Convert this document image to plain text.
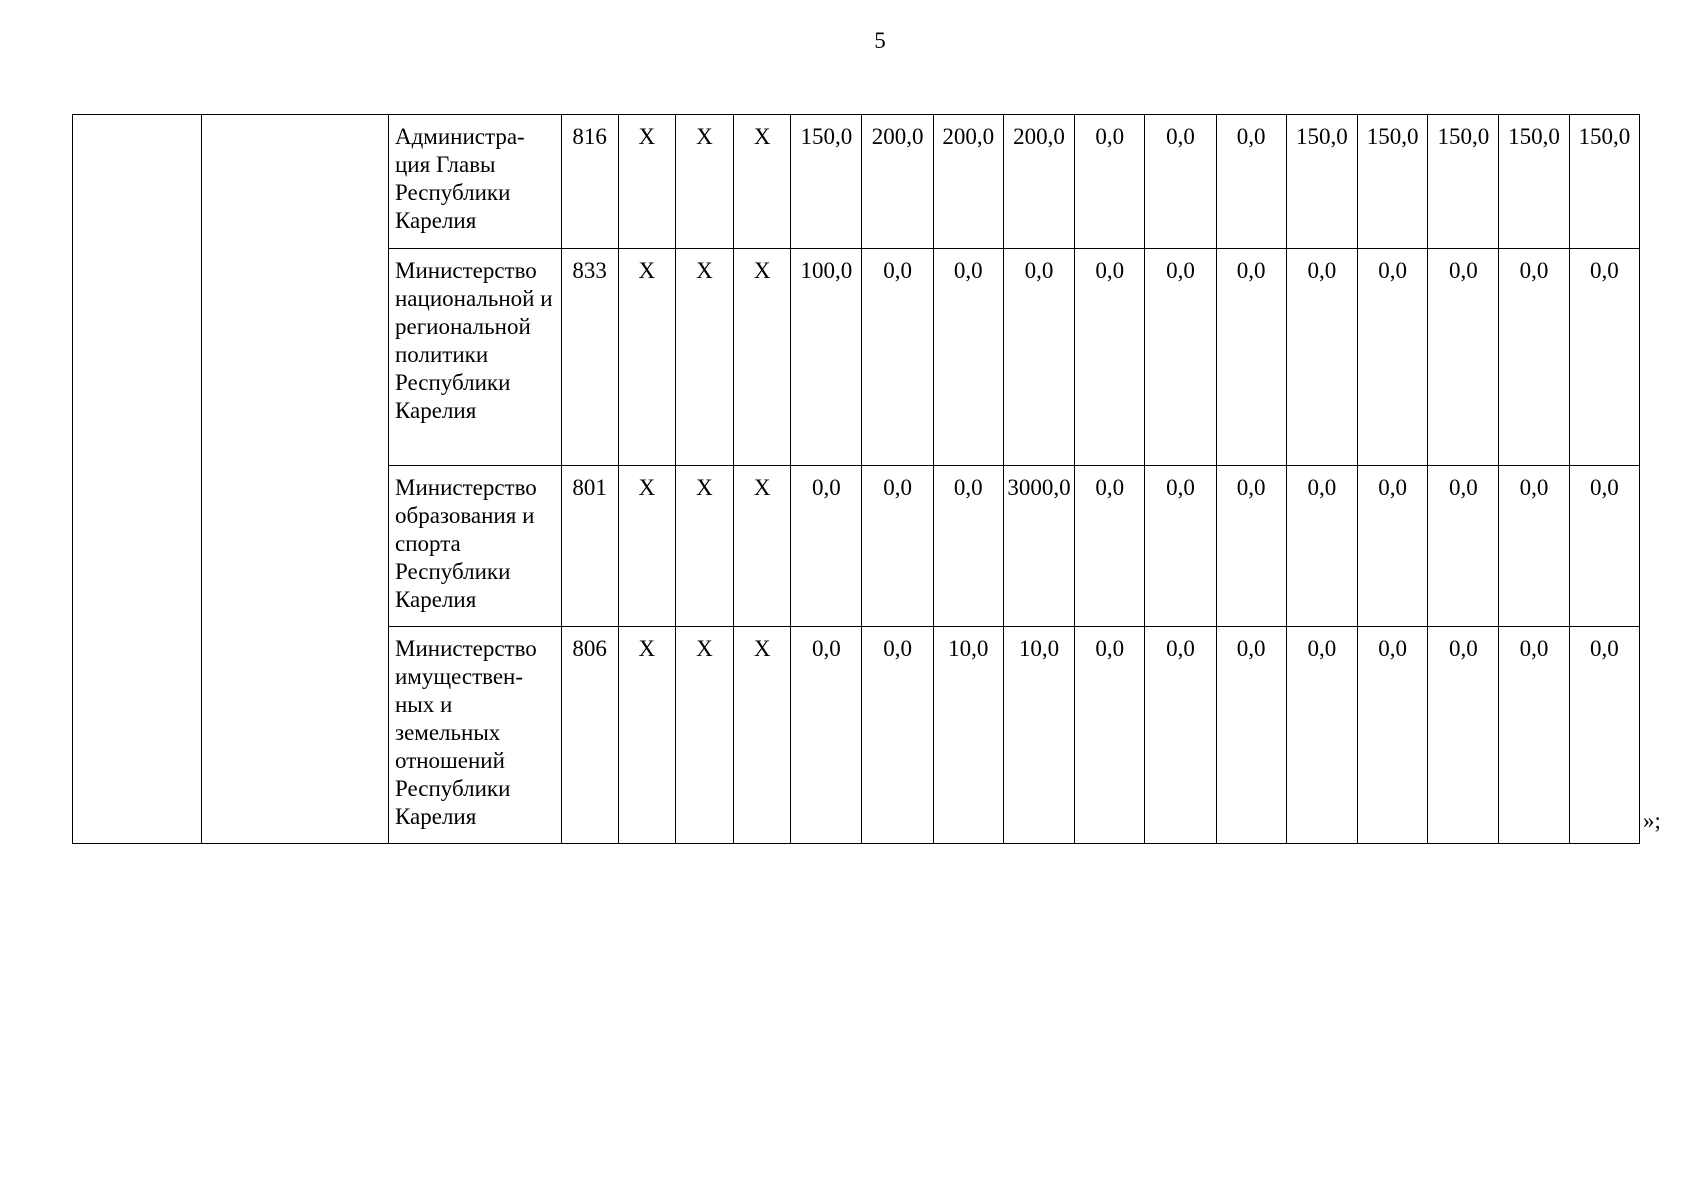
5
		Администра-ция Главы Республики Карелия	816	Х	Х	Х	150,0	200,0	200,0	200,0	0,0	0,0	0,0	150,0	150,0	150,0	150,0	150,0
		Министерство национальной и региональной политики Республики Карелия	833	Х	Х	Х	100,0	0,0	0,0	0,0	0,0	0,0	0,0	0,0	0,0	0,0	0,0	0,0
		Министерство образования и спорта Республики Карелия	801	Х	Х	Х	0,0	0,0	0,0	3000,0	0,0	0,0	0,0	0,0	0,0	0,0	0,0	0,0
		Министерство имуществен-ных и земельных отношений Республики Карелия	806	Х	Х	Х	0,0	0,0	10,0	10,0	0,0	0,0	0,0	0,0	0,0	0,0	0,0	0,0
»;
